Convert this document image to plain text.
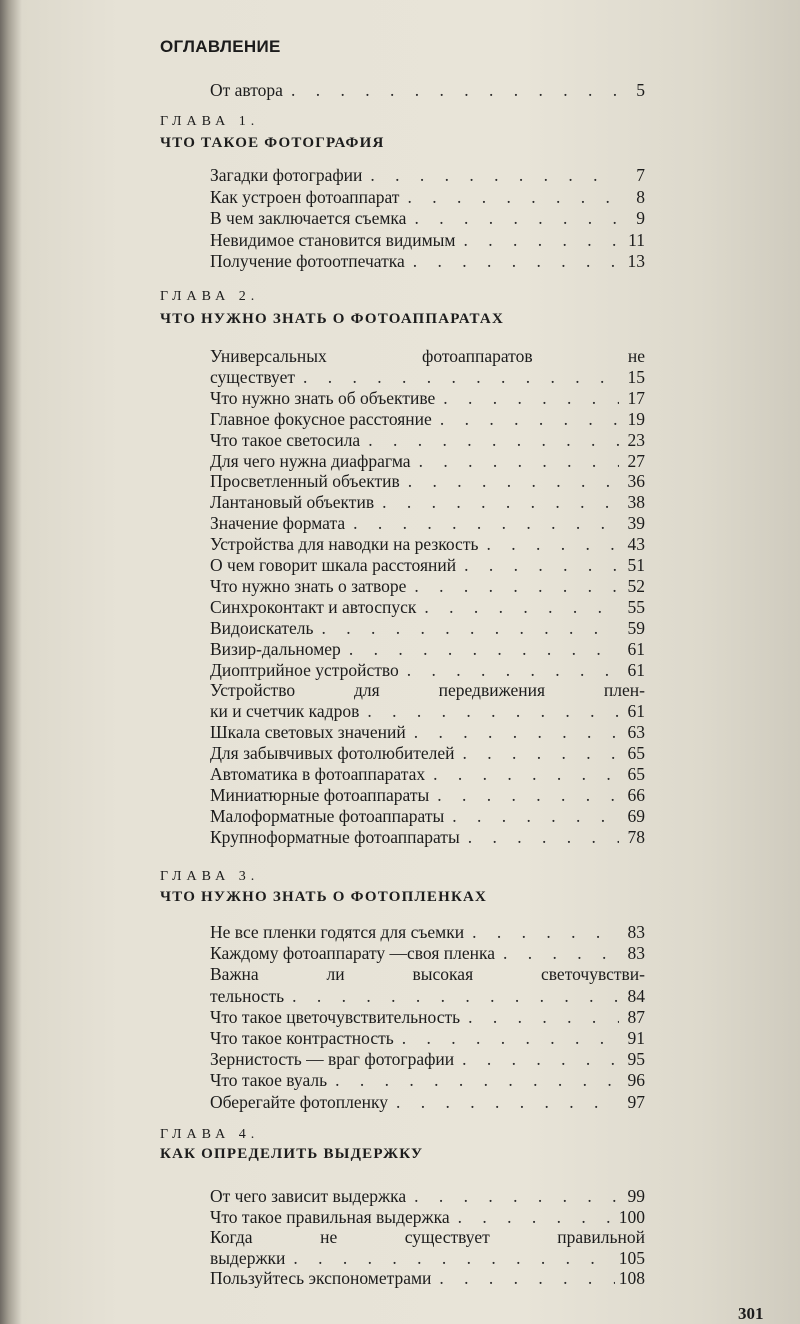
ОГЛАВЛЕНИЕ
От автора . . .	5

ГЛАВА 1.

ЧТО ТАКОЕ ФОТОГРАФИЯ

Загадки фотографии . . .	7
Как устроен фотоаппарат . . .	8
В чем заключается съемка . . .	9
Невидимое становится видимым . . .	11
Получение фотоотпечатка . . .	13

ГЛАВА 2.

ЧТО НУЖНО ЗНАТЬ О ФОТОАППАРАТАХ

Универсальных фотоаппаратов не
существует . . .	15
Что нужно знать об объективе . . .	17
Главное фокусное расстояние . . .	19
Что такое светосила . . .	23
Для чего нужна диафрагма . . .	27
Просветленный объектив . . .	36
Лантановый объектив . . .	38
Значение формата . . .	39
Устройства для наводки на резкость . . .	43
О чем говорит шкала расстояний . . .	51
Что нужно знать о затворе . . .	52
Синхроконтакт и автоспуск . . .	55
Видоискатель . . .	59
Визир-дальномер . . .	61
Диоптрийное устройство . . .	61
Устройство для передвижения плен-
ки и счетчик кадров . . .	61
Шкала световых значений . . .	63
Для забывчивых фотолюбителей . . .	65
Автоматика в фотоаппаратах . . .	65
Миниатюрные фотоаппараты . . .	66
Малоформатные фотоаппараты . . .	69
Крупноформатные фотоаппараты . . .	78

ГЛАВА 3.

ЧТО НУЖНО ЗНАТЬ О ФОТОПЛЕНКАХ

Не все пленки годятся для съемки . . .	83
Каждому фотоаппарату —своя пленка . . .	83
Важна ли высокая светочувстви-
тельность . . .	84
Что такое цветочувствительность . . .	87
Что такое контрастность . . .	91
Зернистость — враг фотографии . . .	95
Что такое вуаль . . .	96
Оберегайте фотопленку . . .	97

ГЛАВА 4.

КАК ОПРЕДЕЛИТЬ ВЫДЕРЖКУ

От чего зависит выдержка . . .	99
Что такое правильная выдержка . . .	100
Когда не существует правильной
выдержки . . .	105
Пользуйтесь экспонометрами . . .	108
301
